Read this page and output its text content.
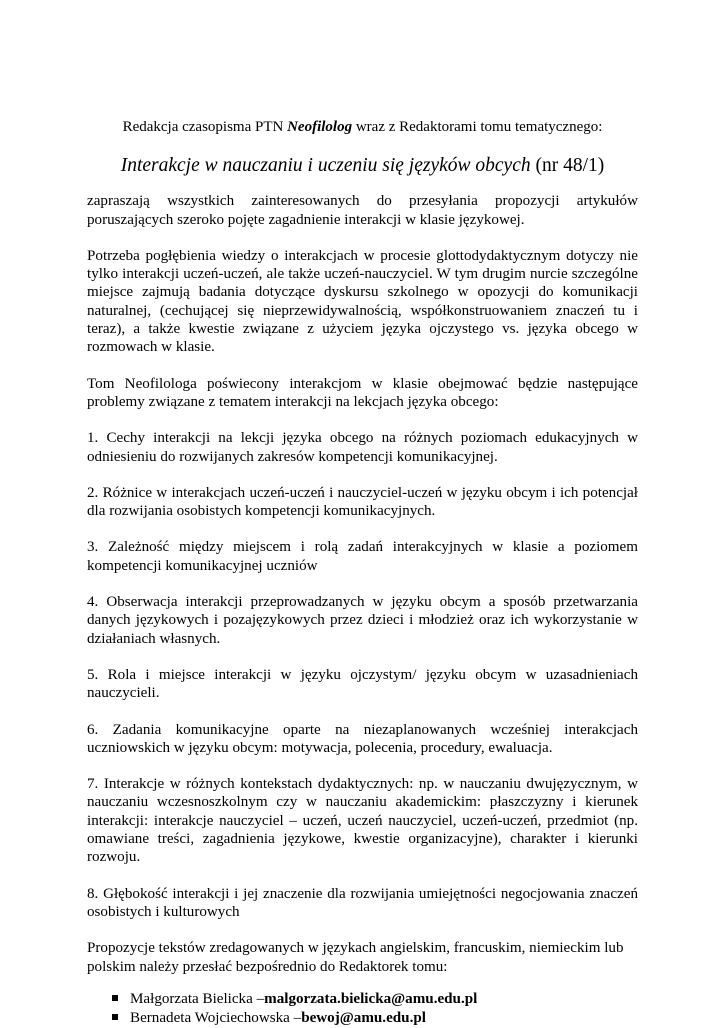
Redakcja czasopisma PTN Neofilolog wraz z Redaktorami tomu tematycznego:

Interakcje w nauczaniu i uczeniu się języków obcych (nr 48/1)

zapraszają wszystkich zainteresowanych do przesyłania propozycji artykułów poruszających szeroko pojęte zagadnienie interakcji w klasie językowej.

Potrzeba pogłębienia wiedzy o interakcjach w procesie glottodydaktycznym dotyczy nie tylko interakcji uczeń-uczeń, ale także uczeń-nauczyciel. W tym drugim nurcie szczególne miejsce zajmują badania dotyczące dyskursu szkolnego w opozycji do komunikacji naturalnej, (cechującej się nieprzewidywalnością, współkonstruowaniem znaczeń tu i teraz), a także kwestie związane z użyciem języka ojczystego vs. języka obcego w rozmowach w klasie.

Tom Neofilologa poświecony interakcjom w klasie obejmować będzie następujące problemy związane z tematem interakcji na lekcjach języka obcego:

1. Cechy interakcji na lekcji języka obcego na różnych poziomach edukacyjnych w odniesieniu do rozwijanych zakresów kompetencji komunikacyjnej.

2. Różnice w interakcjach uczeń-uczeń i nauczyciel-uczeń w języku obcym i ich potencjał dla rozwijania osobistych kompetencji komunikacyjnych.

3. Zależność między miejscem i rolą zadań interakcyjnych w klasie a poziomem kompetencji komunikacyjnej uczniów

4. Obserwacja interakcji przeprowadzanych w języku obcym a sposób przetwarzania danych językowych i pozajęzykowych przez dzieci i młodzież oraz ich wykorzystanie w działaniach własnych.

5. Rola i miejsce interakcji w języku ojczystym/ języku obcym w uzasadnieniach nauczycieli.

6. Zadania komunikacyjne oparte na niezaplanowanych wcześniej interakcjach uczniowskich w języku obcym: motywacja, polecenia, procedury, ewaluacja.

7. Interakcje w różnych kontekstach dydaktycznych: np. w nauczaniu dwujęzycznym, w nauczaniu wczesnoszkolnym czy w nauczaniu akademickim: płaszczyzny i kierunek interakcji: interakcje nauczyciel – uczeń, uczeń nauczyciel, uczeń-uczeń, przedmiot (np. omawiane treści, zagadnienia językowe, kwestie organizacyjne), charakter i kierunki rozwoju.

8. Głębokość interakcji i jej znaczenie dla rozwijania umiejętności negocjowania znaczeń osobistych i kulturowych

Propozycje tekstów zredagowanych w językach angielskim, francuskim, niemieckim lub polskim należy przesłać bezpośrednio do Redaktorek tomu:

Małgorzata Bielicka – malgorzata.bielicka@amu.edu.pl
Bernadeta Wojciechowska – bewoj@amu.edu.pl
